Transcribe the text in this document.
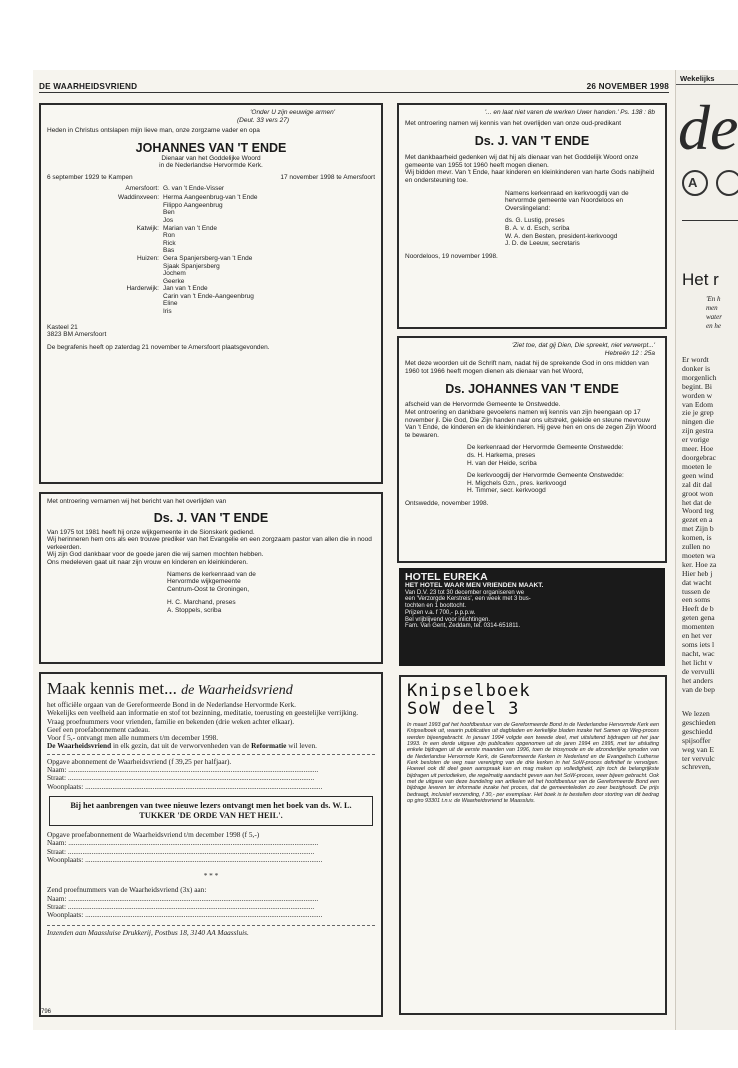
DE WAARHEIDSVRIEND	26 NOVEMBER 1998
'Onder U zijn eeuwige armen'
(Deut. 33 vers 27)
Heden in Christus ontslapen mijn lieve man, onze zorgzame vader en opa
JOHANNES VAN 'T ENDE
Dienaar van het Goddelijke Woord
in de Nederlandse Hervormde Kerk.
6 september 1929 te Kampen	17 november 1998 te Amersfoort
Amersfoort: G. van 't Ende-Visser
Waddinxveen: Herma Aangeenbrug-van 't Ende
Filippo Aangeenbrug
Ben
Jos
Katwijk: Marian van 't Ende
Ron
Rick
Bas
Huizen: Gera Spanjersberg-van 't Ende
Sjaak Spanjersberg
Jochem
Geerke
Harderwijk: Jan van 't Ende
Carin van 't Ende-Aangeenbrug
Eline
Iris
Kasteel 21
3823 BM Amersfoort
De begrafenis heeft op zaterdag 21 november te Amersfoort plaatsgevonden.
Met ontroering vernamen wij het bericht van het overlijden van
Ds. J. VAN 'T ENDE
Van 1975 tot 1981 heeft hij onze wijkgemeente in de Sionskerk gediend.
Wij herinneren hem ons als een trouwe prediker van het Evangelie en een zorgzaam pastor van allen die in nood verkeerden.
Wij zijn God dankbaar voor de goede jaren die wij samen mochten hebben.
Ons medeleven gaat uit naar zijn vrouw en kinderen en kleinkinderen.
Namens de kerkenraad van de
Hervormde wijkgemeente
Centrum-Oost te Groningen,
H. C. Marchand, preses
A. Stoppels, scriba
Maak kennis met... de Waarheidsvriend
het officiële orgaan van de Gereformeerde Bond in de Nederlandse Hervormde Kerk.
Wekelijks een veelheid aan informatie en stof tot bezinning, meditatie, toerusting en geestelijke verrijking.
Vraag proefnummers voor vrienden, familie en bekenden (drie weken achter elkaar).
Geef een proefabonnement cadeau.
Voor f 5,- ontvangt men alle nummers t/m december 1998.
De Waarheidsvriend in elk gezin, dat uit de verworvenheden van de Reformatie wil leven.
Opgave abonnement de Waarheidsvriend (f 39,25 per halfjaar).
Naam: .........................................................................................................................................
Straat: .......................................................................................................................................
Woonplaats: ..................................................................................................................................
Bij het aanbrengen van twee nieuwe lezers ontvangt men het boek van ds. W. L. TUKKER 'DE ORDE VAN HET HEIL'.
Opgave proefabonnement de Waarheidsvriend t/m december 1998 (f 5,-)
Naam: .........................................................................................................................................
Straat: .......................................................................................................................................
Woonplaats: ..................................................................................................................................
* * *
Zend proefnummers van de Waarheidsvriend (3x) aan:
Naam: .........................................................................................................................................
Straat: .......................................................................................................................................
Woonplaats: ..................................................................................................................................
Inzenden aan Maassluise Drukkerij, Postbus 18, 3140 AA Maassluis.
'... en laat niet varen de werken Uwer handen.' Ps. 138 : 8b
Met ontroering namen wij kennis van het overlijden van onze oud-predikant
Ds. J. VAN 'T ENDE
Met dankbaarheid gedenken wij dat hij als dienaar van het Goddelijk Woord onze gemeente van 1955 tot 1960 heeft mogen dienen.
Wij bidden mevr. Van 't Ende, haar kinderen en kleinkinderen van harte Gods nabijheid en ondersteuning toe.
Namens kerkenraad en kerkvoogdij van de
hervormde gemeente van Noordeloos en
Overslingeland:
ds. G. Lustig, preses
B. A. v. d. Esch, scriba
W. A. den Besten, president-kerkvoogd
J. D. de Leeuw, secretaris
Noordeloos, 19 november 1998.
'Ziet toe, dat gij Dien, Die spreekt, niet verwerpt...'
Hebreën 12 : 25a
Met deze woorden uit de Schrift nam, nadat hij de sprekende God in ons midden van 1960 tot 1966 heeft mogen dienen als dienaar van het Woord,
Ds. JOHANNES VAN 'T ENDE
afscheid van de Hervormde Gemeente te Onstwedde.
Met ontroering en dankbare gevoelens namen wij kennis van zijn heengaan op 17 november jl. Die God, Die Zijn handen naar ons uitstrekt, geleide en steune mevrouw Van 't Ende, de kinderen en de kleinkinderen. Hij geve hen en ons de zegen Zijn Woord te bewaren.
De kerkenraad der Hervormde Gemeente Onstwedde:
ds. H. Harkema, preses
H. van der Heide, scriba
De kerkvoogdij der Hervormde Gemeente Onstwedde:
H. Migchels Gzn., pres. kerkvoogd
H. Timmer, secr. kerkvoogd
Ontswedde, november 1998.
HOTEL EUREKA
HET HOTEL WAAR MEN VRIENDEN MAAKT.
Van D.V. 23 tot 30 december organiseren we
een 'Verzorgde Kerstreis', een week met 3 bus-
tochten en 1 boottocht.
Prijzen v.a. f 700,- p.p.p.w.
Bel vrijblijvend voor inlichtingen.
Fam. Van Gent, Zeddam, tel. 0314-651811.
Knipselboek
SoW deel 3
In maart 1993 gaf het hoofdbestuur van de Gereformeerde Bond in de Nederlandse Hervormde Kerk een Knipselboek uit, waarin publicaties uit dagbladen en kerkelijke bladen inzake het Samen op Weg-proces werden bijeengebracht. In januari 1994 volgde een tweede deel, met uitsluitend bijdragen uit het jaar 1993. In een derde uitgave zijn publicaties opgenomen uit de jaren 1994 en 1995, met ter afsluiting enkele bijdragen uit de eerste maanden van 1996, toen de triosynode en de afzonderlijke synoden van de Nederlandse Hervormde Kerk, de Gereformeerde Kerken in Nederland en de Evangelisch Lutherse Kerk besloten de weg naar vereniging van de drie kerken in het SoW-proces definitief te vervolgen. Hoewel ook dit deel geen aanspraak kan en mag maken op volledigheid, zijn toch de belangrijkste bijdragen uit periodieken, die regelmatig aandacht geven aan het SoW-proces, weer bijeen gebracht. Ook met de uitgave van deze bundeling van artikelen wil het hoofdbestuur van de Gereformeerde Bond een bijdrage leveren ter informatie inzake het proces, dat de gemeenteleden zo zeer bezighoudt. De prijs bedraagt, inclusief verzending, f 30,- per exemplaar. Het boek is te bestellen door storting van dit bedrag op giro 93301 t.n.v. de Waarheidsvriend te Maassluis.
796
Wekelijks
de
A
Het r
'En h
men
water
en he
Er wordt
donker is
morgenlich
begint. Bi
worden w
van Edom
zie je grep
ningen die
zijn gestra
er vorige
meer. Hoe
doorgebrac
moeten le
geen wind
zal dit dal
groot won
het dat de
Woord teg
gezet en a
met Zijn b
komen, is
zullen no
moeten wa
ker. Hoe za
Hier heb j
dat wacht
tussen de
een soms
Heeft de b
geten gena
momenten
en het ver
soms iets l
nacht, wac
het licht v
de vervulli
het anders
van de bep
We lezen
geschieden
geschiedd
spijsoffer
weg van E
ter vervulc
schreven,
